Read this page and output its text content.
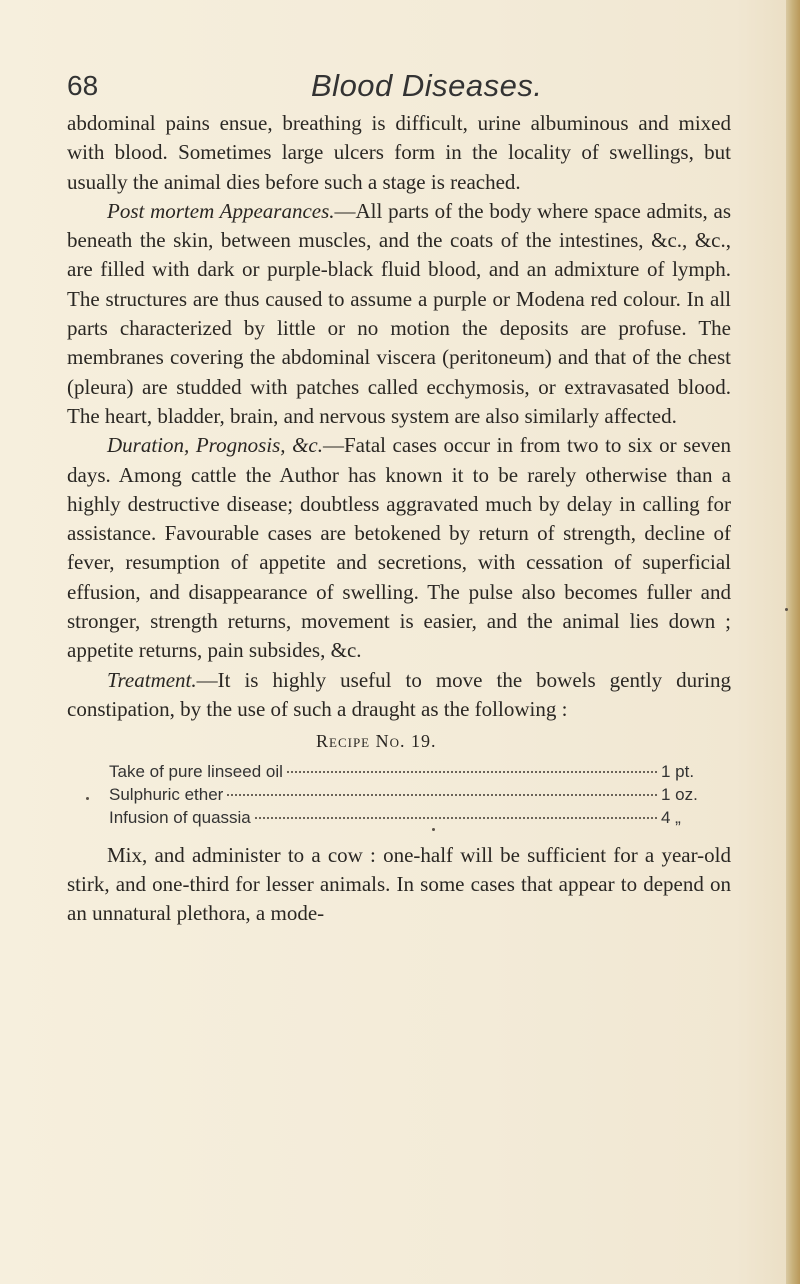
68	Blood Diseases.

abdominal pains ensue, breathing is difficult, urine albuminous and mixed with blood. Sometimes large ulcers form in the locality of swellings, but usually the animal dies before such a stage is reached.

Post mortem Appearances.—All parts of the body where space admits, as beneath the skin, between muscles, and the coats of the intestines, &c., &c., are filled with dark or purple-black fluid blood, and an admixture of lymph. The structures are thus caused to assume a purple or Modena red colour. In all parts characterized by little or no motion the deposits are profuse. The membranes covering the abdominal viscera (peritoneum) and that of the chest (pleura) are studded with patches called ecchymosis, or extravasated blood. The heart, bladder, brain, and nervous system are also similarly affected.

Duration, Prognosis, &c.—Fatal cases occur in from two to six or seven days. Among cattle the Author has known it to be rarely otherwise than a highly destructive disease; doubtless aggravated much by delay in calling for assistance. Favourable cases are betokened by return of strength, decline of fever, resumption of appetite and secretions, with cessation of superficial effusion, and disappearance of swelling. The pulse also becomes fuller and stronger, strength returns, movement is easier, and the animal lies down ; appetite returns, pain subsides, &c.

Treatment.—It is highly useful to move the bowels gently during constipation, by the use of such a draught as the following :

Recipe No. 19.
Take of pure linseed oil	1 pt.
Sulphuric ether	1 oz.
Infusion of quassia	4 „

Mix, and administer to a cow : one-half will be sufficient for a year-old stirk, and one-third for lesser animals. In some cases that appear to depend on an unnatural plethora, a mode-
